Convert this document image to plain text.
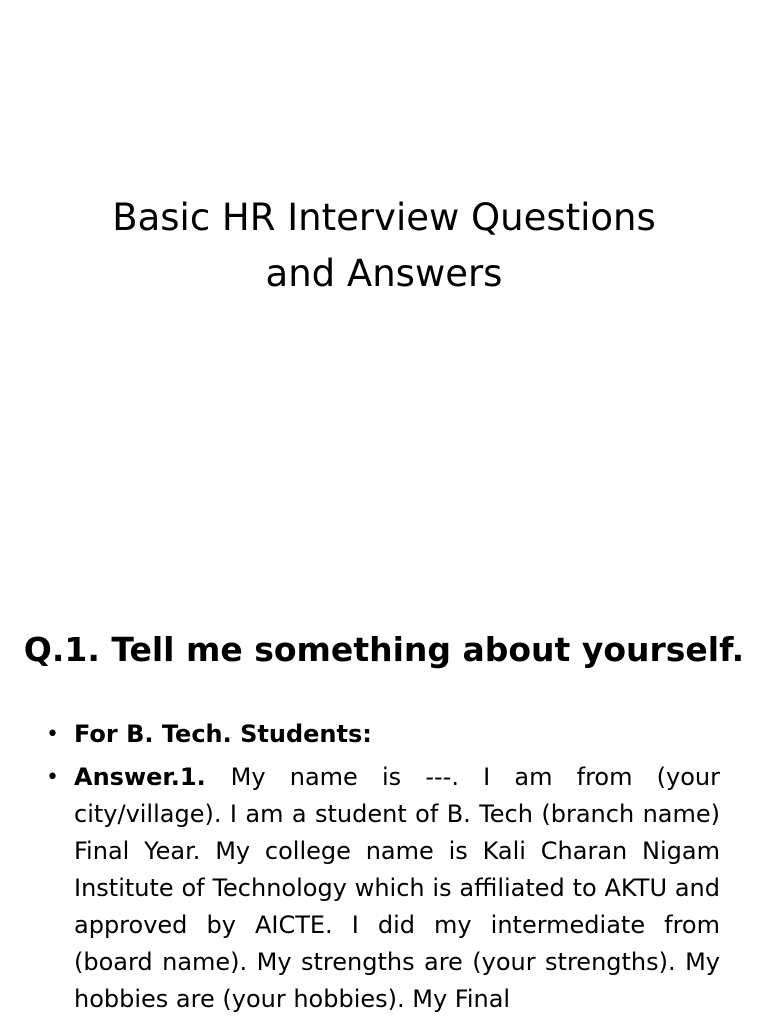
Basic HR Interview Questions
and Answers
Q.1. Tell me something about yourself.
• For B. Tech. Students:
• Answer.1. My name is ---. I am from (your city/village). I am a student of B. Tech (branch name) Final Year. My college name is Kali Charan Nigam Institute of Technology which is affiliated to AKTU and approved by AICTE. I did my intermediate from (board name). My strengths are (your strengths). My hobbies are (your hobbies). My Final
